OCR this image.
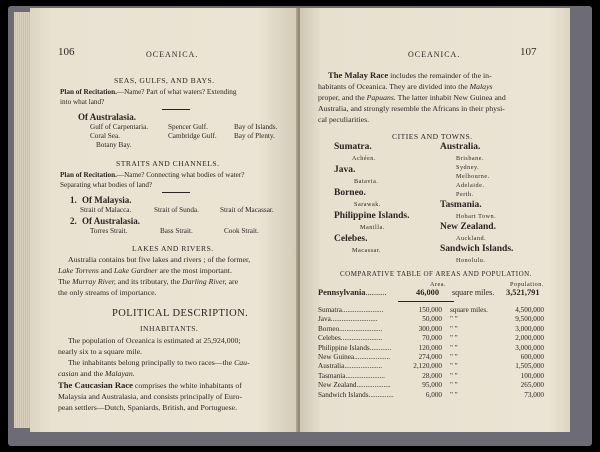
106	OCEANICA.
SEAS, GULFS, AND BAYS.
Plan of Recitation.—Name? Part of what waters? Extending
into what land?
Of Australasia.
Gulf of Carpentaria.	Spencer Gulf.	Bay of Islands.
Coral Sea.	Cambridge Gulf. Bay of Plenty.
Botany Bay.
STRAITS AND CHANNELS.
Plan of Recitation.—Name? Connecting what bodies of water?
Separating what bodies of land?
1. Of Malaysia.
Strait of Malacca.	Strait of Sunda.	Strait of Macassar.
2. Of Australasia.
Torres Strait.	Bass Strait.	Cook Strait.
LAKES AND RIVERS.
Australia contains but five lakes and rivers ; of the former,
Lake Torrens and Lake Gardner are the most important.
The Murray River, and its tributary, the Darling River, are
the only streams of importance.
POLITICAL DESCRIPTION.
INHABITANTS.
The population of Oceanica is estimated at 25,924,000;
nearly six to a square mile.
The inhabitants belong principally to two races—the Cau-
casian and the Malayan.
The Caucasian Race comprises the white inhabitants of
Malaysia and Australasia, and consists principally of Euro-
pean settlers—Dutch, Spaniards, British, and Portuguese.
OCEANICA.	107
The Malay Race includes the remainder of the in-
habitants of Oceanica. They are divided into the Malays
proper, and the Papuans. The latter inhabit New Guinea and
Australia, and strongly resemble the Africans in their physi-
cal peculiarities.
CITIES AND TOWNS.
Sumatra.
Achéen.
Java.
Batavia.
Borneo.
Sarawak.
Philippine Islands.
Manilla.
Celebes.
Macassar.
Australia.
Brisbane.
Sydney.
Melbourne.
Adelaide.
Perth.
Tasmania.
Hobart Town.
New Zealand.
Auckland.
Sandwich Islands.
Honolulu.
COMPARATIVE TABLE OF AREAS AND POPULATION.
Area.	Population.
Pennsylvania..........	46,000 square miles. 3,521,791
Sumatra.......................	150,000 square miles.	4,500,000
Java..........................	50,000 " "	9,500,000
Borneo........................	300,000 " "	3,000,000
Celebes.......................	70,000 " "	2,000,000
Philippine Islands............	120,000 " "	3,000,000
New Guinea....................	274,000 " "	600,000
Australia.....................	2,120,000 " "	1,505,000
Tasmania......................	28,000 " "	100,000
New Zealand...................	95,000 " "	265,000
Sandwich Islands..............	6,000 " "	73,000
